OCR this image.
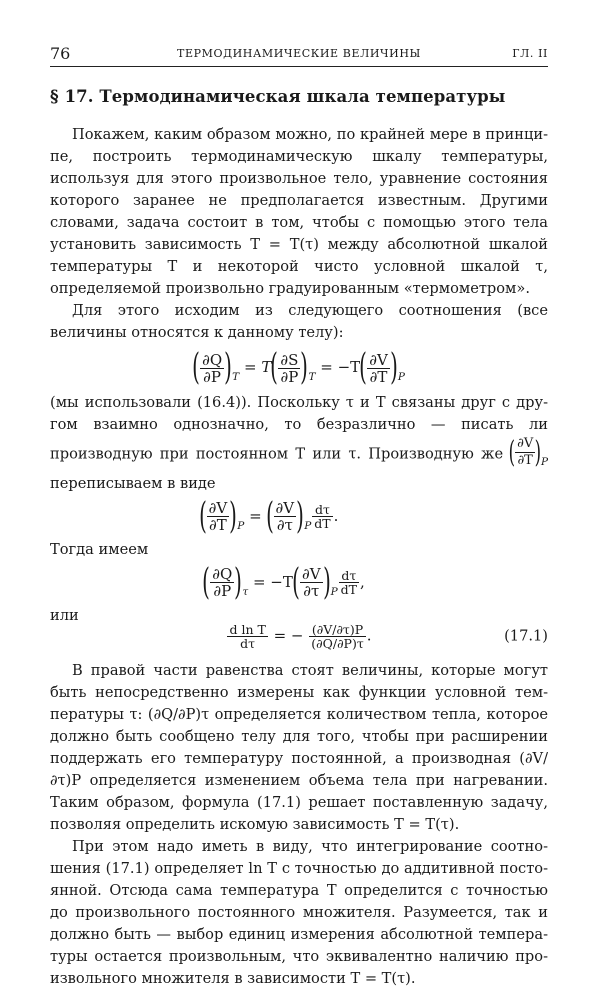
76	ТЕРМОДИНАМИЧЕСКИЕ ВЕЛИЧИНЫ	ГЛ. II
§ 17. Термодинамическая шкала температуры

Покажем, каким образом можно, по крайней мере в принципе, построить термодинамическую шкалу температуры, используя для этого произвольное тело, уравнение состояния которого заранее не предполагается известным. Другими словами, задача состоит в том, чтобы с помощью этого тела установить зависимость T = T(τ) между абсолютной шкалой температуры T и некоторой чисто условной шкалой τ, определяемой произвольно градуированным «термометром».

Для этого исходим из следующего соотношения (все величины относятся к данному телу):

( $\frac{\partial Q}{\partial P} )_T = T( \frac{\partial S}{\partial P} )_T = -T( \frac{\partial V}{\partial T} )_P$

(мы использовали (16.4)). Поскольку τ и T связаны друг с другом взаимно однозначно, то безразлично — писать ли производную при постоянном T или τ. Производную же ( $\frac{\partial V}{\partial T} )_P$ переписываем в виде

( $\frac{\partial V}{\partial T} )_P$ = ( $\frac{\partial V}{\partial\tau} )_P \frac{d\tau}{dT}$ .

Тогда имеем

( $\frac{\partial Q}{\partial P} )_\tau = -T( \frac{\partial V}{\partial\tau} )_P \frac{d\tau}{dT}$ ,

или

$\frac{\text{d ln T}}{d\tau}$ = − $\frac{(\partial V/\partial\tau)P}{(\partial Q/\partial P)\tau}$ .	(17.1)

В правой части равенства стоят величины, которые могут быть непосредственно измерены как функции условной температуры τ: (∂Q/∂P)τ определяется количеством тепла, которое должно быть сообщено телу для того, чтобы при расширении поддержать его температуру постоянной, а производная (∂V/∂τ)P определяется изменением объема тела при нагревании. Таким образом, формула (17.1) решает поставленную задачу, позволяя определить искомую зависимость T = T(τ).

При этом надо иметь в виду, что интегрирование соотношения (17.1) определяет ln T с точностью до аддитивной постоянной. Отсюда сама температура T определится с точностью до произвольного постоянного множителя. Разумеется, так и должно быть — выбор единиц измерения абсолютной температуры остается произвольным, что эквивалентно наличию произвольного множителя в зависимости T = T(τ).
